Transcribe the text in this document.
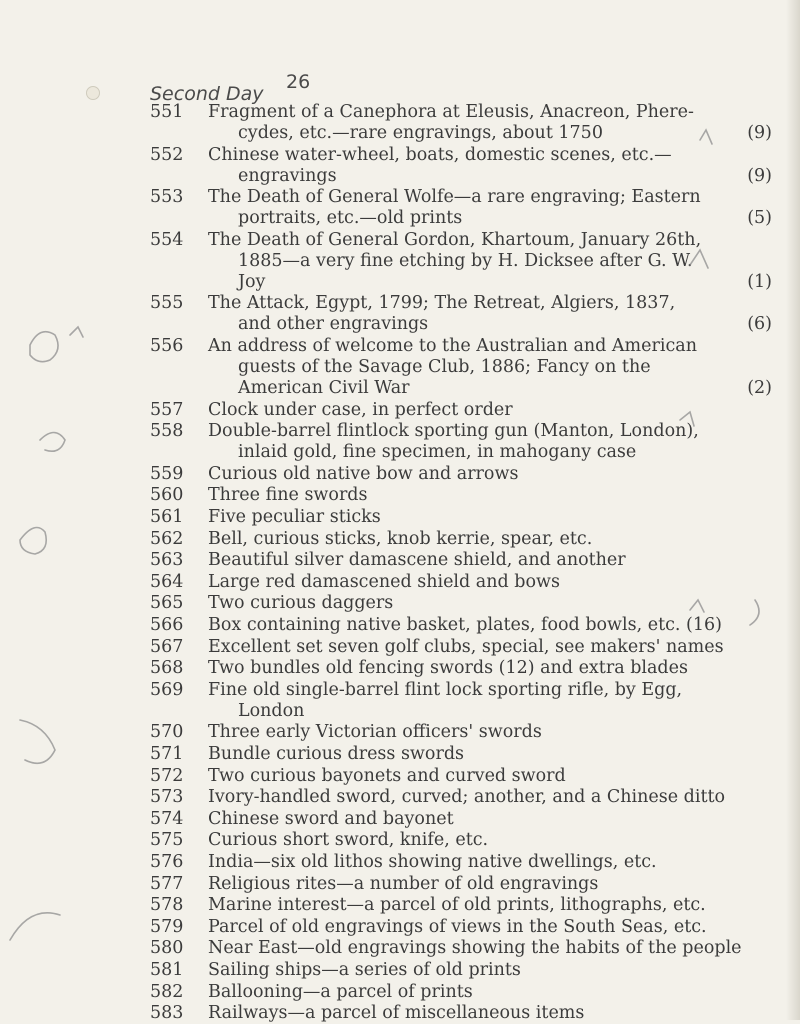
Second Day
26
551	Fragment of a Canephora at Eleusis, Anacreon, Phere-
cydes, etc.—rare engravings, about 1750	(9)
552	Chinese water-wheel, boats, domestic scenes, etc.—
engravings	(9)
553	The Death of General Wolfe—a rare engraving; Eastern
portraits, etc.—old prints	(5)
554	The Death of General Gordon, Khartoum, January 26th,
1885—a very fine etching by H. Dicksee after G. W.
Joy	(1)
555	The Attack, Egypt, 1799; The Retreat, Algiers, 1837,
and other engravings	(6)
556	An address of welcome to the Australian and American
guests of the Savage Club, 1886; Fancy on the
American Civil War	(2)
557	Clock under case, in perfect order
558	Double-barrel flintlock sporting gun (Manton, London),
inlaid gold, fine specimen, in mahogany case
559	Curious old native bow and arrows
560	Three fine swords
561	Five peculiar sticks
562	Bell, curious sticks, knob kerrie, spear, etc.
563	Beautiful silver damascene shield, and another
564	Large red damascened shield and bows
565	Two curious daggers
566	Box containing native basket, plates, food bowls, etc. (16)
567	Excellent set seven golf clubs, special, see makers' names
568	Two bundles old fencing swords (12) and extra blades
569	Fine old single-barrel flint lock sporting rifle, by Egg,
London
570	Three early Victorian officers' swords
571	Bundle curious dress swords
572	Two curious bayonets and curved sword
573	Ivory-handled sword, curved; another, and a Chinese ditto
574	Chinese sword and bayonet
575	Curious short sword, knife, etc.
576	India—six old lithos showing native dwellings, etc.
577	Religious rites—a number of old engravings
578	Marine interest—a parcel of old prints, lithographs, etc.
579	Parcel of old engravings of views in the South Seas, etc.
580	Near East—old engravings showing the habits of the people
581	Sailing ships—a series of old prints
582	Ballooning—a parcel of prints
583	Railways—a parcel of miscellaneous items
